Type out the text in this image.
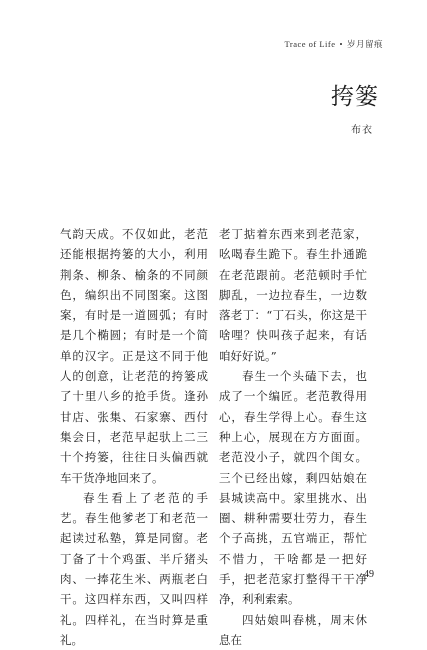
Trace of Life • 岁月留痕
挎篓
布衣

气韵天成。不仅如此，老范还能根据挎篓的大小，利用荆条、柳条、榆条的不同颜色，编织出不同图案。这图案，有时是一道圆弧；有时是几个椭圆；有时是一个简单的汉字。正是这不同于他人的创意，让老范的挎篓成了十里八乡的抢手货。逢孙甘店、张集、石家寨、西付集会日，老范早起驮上二三十个挎篓，往往日头偏西就车干货净地回来了。

春生看上了老范的手艺。春生他爹老丁和老范一起读过私塾，算是同窗。老丁备了十个鸡蛋、半斤猪头肉、一捧花生米、两瓶老白干。这四样东西，又叫四样礼。四样礼，在当时算是重礼。

老丁掂着东西来到老范家，吆喝春生跪下。春生扑通跪在老范跟前。老范顿时手忙脚乱，一边拉春生，一边数落老丁：“丁石头，你这是干啥哩？快叫孩子起来，有话咱好好说。”

春生一个头磕下去，也成了一个编匠。老范教得用心，春生学得上心。春生这种上心，展现在方方面面。老范没小子，就四个闺女。三个已经出嫁，剩四姑娘在县城读高中。家里挑水、出圈、耕种需要壮劳力，春生个子高挑，五官端正，帮忙不惜力，干啥都是一把好手，把老范家打整得干干净净，利利索索。

四姑娘叫春桃，周末休息在

49
